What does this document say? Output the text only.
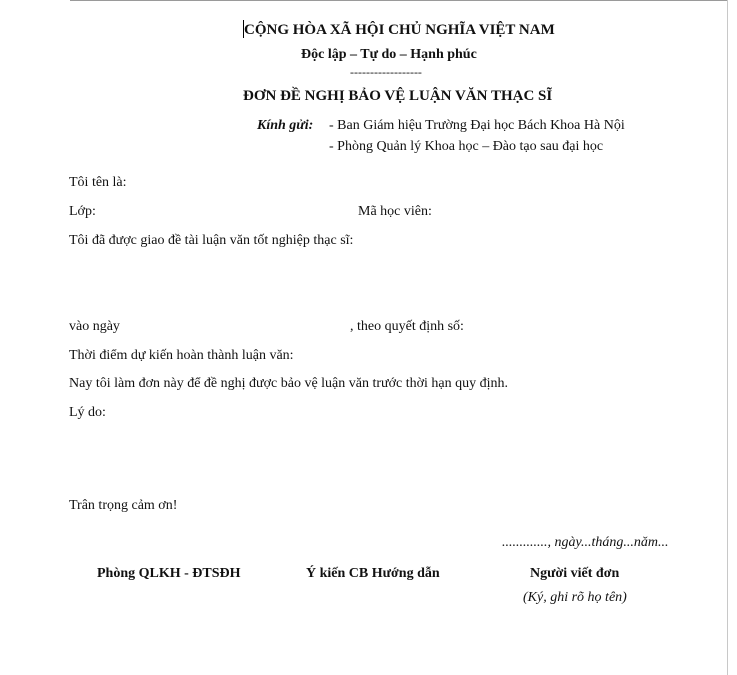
CỘNG HÒA XÃ HỘI CHỦ NGHĨA VIỆT NAM
Độc lập – Tự do – Hạnh phúc
------------------
ĐƠN ĐỀ NGHỊ BẢO VỆ LUẬN VĂN THẠC SĨ
Kính gửi: - Ban Giám hiệu Trường Đại học Bách Khoa Hà Nội
- Phòng Quản lý Khoa học – Đào tạo sau đại học
Tôi tên là:
Lớp:	Mã học viên:
Tôi đã được giao đề tài luận văn tốt nghiệp thạc sĩ:
vào ngày	, theo quyết định số:
Thời điểm dự kiến hoàn thành luận văn:
Nay tôi làm đơn này để đề nghị được bảo vệ luận văn trước thời hạn quy định.
Lý do:
Trân trọng cảm ơn!
............., ngày...tháng...năm...
Phòng QLKH - ĐTSĐH	Ý kiến CB Hướng dẫn	Người viết đơn
(Ký, ghi rõ họ tên)
